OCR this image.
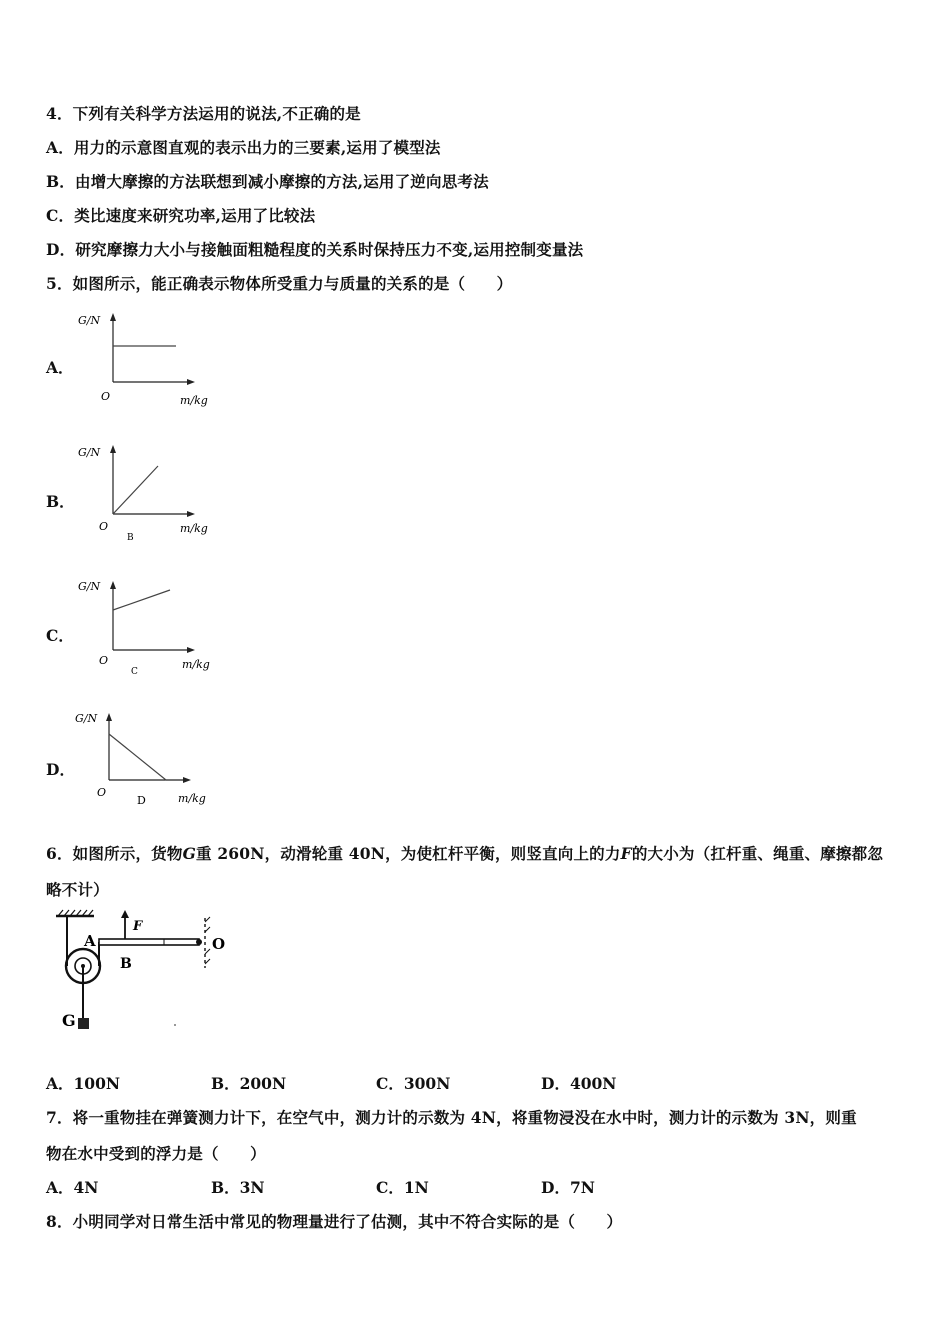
4．下列有关科学方法运用的说法,不正确的是
A．用力的示意图直观的表示出力的三要素,运用了模型法
B．由增大摩擦的方法联想到减小摩擦的方法,运用了逆向思考法
C．类比速度来研究功率,运用了比较法
D．研究摩擦力大小与接触面粗糙程度的关系时保持压力不变,运用控制变量法
5．如图所示，能正确表示物体所受重力与质量的关系的是（　　）
A．
G/N
O	m/kg
B．
G/N
O
B
m/kg
C．
G/N
O
C
m/kg
D．
G/N
O
D	m/kg
6．如图所示，货物G重 260N，动滑轮重 40N，为使杠杆平衡，则竖直向上的力F的大小为（扛杆重、绳重、摩擦都忽
略不计）
A
B
F
O
G
A．100N	B．200N	C．300N	D．400N
7．将一重物挂在弹簧测力计下，在空气中，测力计的示数为 4N，将重物浸没在水中时，测力计的示数为 3N，则重
物在水中受到的浮力是（　　）
A．4N	B．3N	C．1N	D．7N
8．小明同学对日常生活中常见的物理量进行了估测，其中不符合实际的是（　　）
